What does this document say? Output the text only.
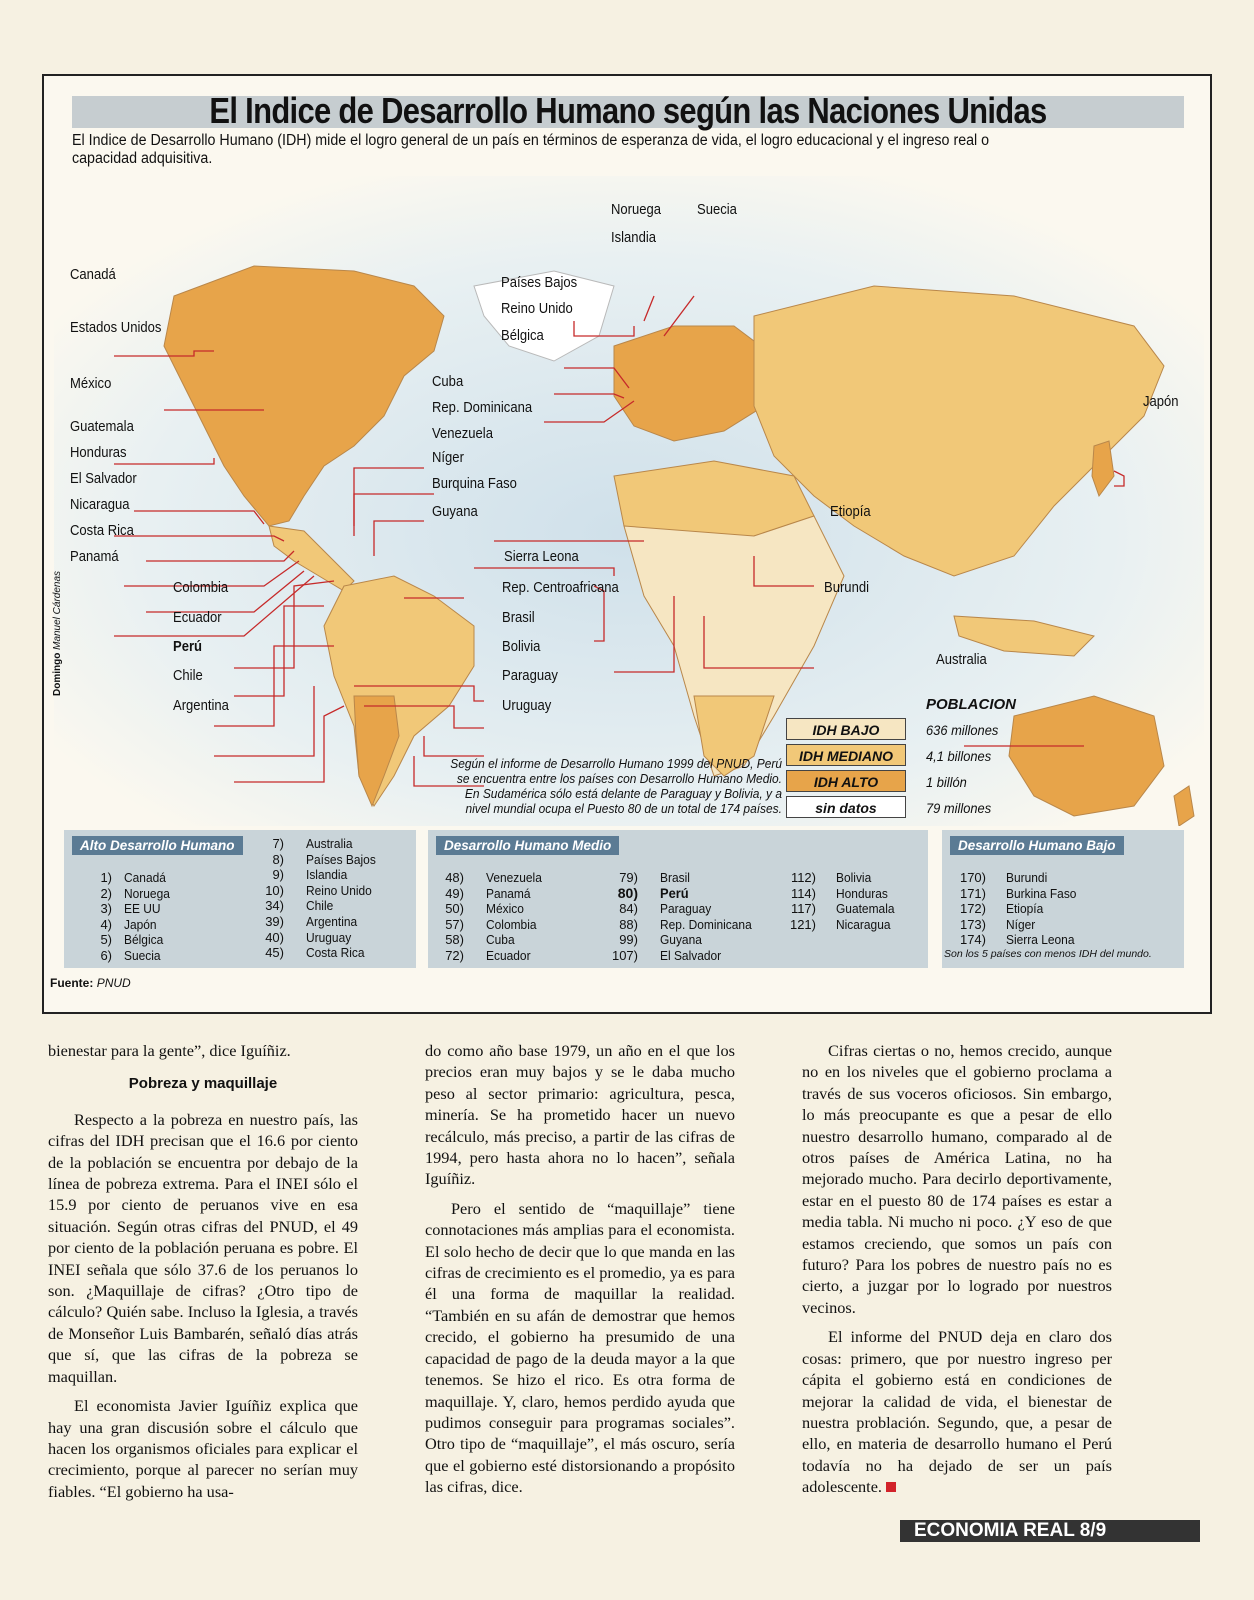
El Indice de Desarrollo Humano según las Naciones Unidas
El Indice de Desarrollo Humano (IDH) mide el logro general de un país en términos de esperanza de vida, el logro educacional y el ingreso real o capacidad adquisitiva.
Canadá
Estados Unidos
México
Guatemala
Honduras
El Salvador
Nicaragua
Costa Rica
Panamá
Colombia
Ecuador
Perú
Chile
Argentina
Noruega Suecia
Islandia
Países Bajos
Reino Unido
Bélgica
Cuba
Rep. Dominicana
Venezuela
Níger
Burquina Faso
Guyana
Sierra Leona
Rep. Centroafricana
Brasil
Bolivia
Paraguay
Uruguay
Japón
Etiopía
Burundi
Australia
Domingo Manuel Cárdenas
Según el informe de Desarrollo Humano 1999 del PNUD, Perú se encuentra entre los países con Desarrollo Humano Medio. En Sudamérica sólo está delante de Paraguay y Bolivia, y a nivel mundial ocupa el Puesto 80 de un total de 174 países.
POBLACION
IDH BAJO
IDH MEDIANO
IDH ALTO
sin datos
636 millones
4,1 billones
1 billón
79 millones
Alto Desarrollo Humano
1) Canadá
2) Noruega
3) EE UU
4) Japón
5) Bélgica
6) Suecia
7) Australia
8) Países Bajos
9) Islandia
10) Reino Unido
34) Chile
39) Argentina
40) Uruguay
45) Costa Rica
Desarrollo Humano Medio
48) Venezuela
49) Panamá
50) México
57) Colombia
58) Cuba
72) Ecuador
79) Brasil
80) Perú
84) Paraguay
88) Rep. Dominicana
99) Guyana
107) El Salvador
112) Bolivia
114) Honduras
117) Guatemala
121) Nicaragua
Desarrollo Humano Bajo
170) Burundi
171) Burkina Faso
172) Etiopía
173) Níger
174) Sierra Leona
Son los 5 países con menos IDH del mundo.
Fuente: PNUD

bienestar para la gente”, dice Iguíñiz.

Pobreza y maquillaje

Respecto a la pobreza en nuestro país, las cifras del IDH precisan que el 16.6 por ciento de la población se encuentra por debajo de la línea de pobreza extrema. Para el INEI sólo el 15.9 por ciento de peruanos vive en esa situación. Según otras cifras del PNUD, el 49 por ciento de la población peruana es pobre. El INEI señala que sólo 37.6 de los peruanos lo son. ¿Maquillaje de cifras? ¿Otro tipo de cálculo? Quién sabe. Incluso la Iglesia, a través de Monseñor Luis Bambarén, señaló días atrás que sí, que las cifras de la pobreza se maquillan.

El economista Javier Iguíñiz explica que hay una gran discusión sobre el cálculo que hacen los organismos oficiales para explicar el crecimiento, porque al parecer no serían muy fiables. “El gobierno ha usa-

do como año base 1979, un año en el que los precios eran muy bajos y se le daba mucho peso al sector primario: agricultura, pesca, minería. Se ha prometido hacer un nuevo recálculo, más preciso, a partir de las cifras de 1994, pero hasta ahora no lo hacen”, señala Iguíñiz.

Pero el sentido de “maquillaje” tiene connotaciones más amplias para el economista. El solo hecho de decir que lo que manda en las cifras de crecimiento es el promedio, ya es para él una forma de maquillar la realidad. “También en su afán de demostrar que hemos crecido, el gobierno ha presumido de una capacidad de pago de la deuda mayor a la que tenemos. Se hizo el rico. Es otra forma de maquillaje. Y, claro, hemos perdido ayuda que pudimos conseguir para programas sociales”. Otro tipo de “maquillaje”, el más oscuro, sería que el gobierno esté distorsionando a propósito las cifras, dice.

Cifras ciertas o no, hemos crecido, aunque no en los niveles que el gobierno proclama a través de sus voceros oficiosos. Sin embargo, lo más preocupante es que a pesar de ello nuestro desarrollo humano, comparado al de otros países de América Latina, no ha mejorado mucho. Para decirlo deportivamente, estar en el puesto 80 de 174 países es estar a media tabla. Ni mucho ni poco. ¿Y eso de que estamos creciendo, que somos un país con futuro? Para los pobres de nuestro país no es cierto, a juzgar por lo logrado por nuestros vecinos.

El informe del PNUD deja en claro dos cosas: primero, que por nuestro ingreso per cápita el gobierno está en condiciones de mejorar la calidad de vida, el bienestar de nuestra problación. Segundo, que, a pesar de ello, en materia de desarrollo humano el Perú todavía no ha dejado de ser un país adolescente.

ECONOMIA REAL 8/9
